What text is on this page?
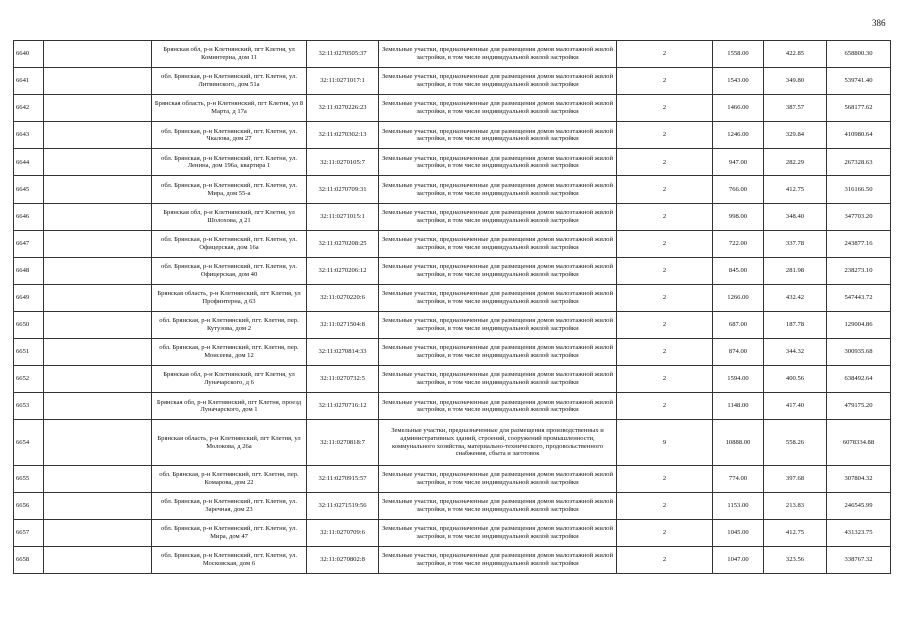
386
6640		Брянская обл, р-н Клетнянский, пгт Клетня, ул Коминтерна, дом 11	32:11:0270505:37	Земельные участки, предназначенные для размещения домов малоэтажной жилой застройки, в том числе индивидуальной жилой застройки	2	1558.00	422.85	658800.30
6641		обл. Брянская, р-н Клетнянский, пгт. Клетня, ул. Литвинского, дом 51а	32:11:0271017:1	Земельные участки, предназначенные для размещения домов малоэтажной жилой застройки, в том числе индивидуальной жилой застройки	2	1543.00	349.80	539741.40
6642		Брянская область, р-н Клетнянский, пгт Клетня, ул 8 Марта, д 17а	32:11:0270226:23	Земельные участки, предназначенные для размещения домов малоэтажной жилой застройки, в том числе индивидуальной жилой застройки	2	1466.00	387.57	568177.62
6643		обл. Брянская, р-н Клетнянский, пгт. Клетня, ул. Чкалова, дом 27	32:11:0270302:13	Земельные участки, предназначенные для размещения домов малоэтажной жилой застройки, в том числе индивидуальной жилой застройки	2	1246.00	329.84	410980.64
6644		обл. Брянская, р-н Клетнянский, пгт. Клетня, ул. Ленина, дом 196а, квартира 1	32:11:0270105:7	Земельные участки, предназначенные для размещения домов малоэтажной жилой застройки, в том числе индивидуальной жилой застройки	2	947.00	282.29	267328.63
6645		обл. Брянская, р-н Клетнянский, пгт. Клетня, ул. Мира, дом 55-а	32:11:0270709:31	Земельные участки, предназначенные для размещения домов малоэтажной жилой застройки, в том числе индивидуальной жилой застройки	2	766.00	412.75	316166.50
6646		Брянская обл, р-н Клетнянский, пгт Клетня, ул Шолохова, д 21	32:11:0271015:1	Земельные участки, предназначенные для размещения домов малоэтажной жилой застройки, в том числе индивидуальной жилой застройки	2	998.00	348.40	347703.20
6647		обл. Брянская, р-н Клетнянский, пгт. Клетня, ул. Офицерская, дом 16а	32:11:0270208:25	Земельные участки, предназначенные для размещения домов малоэтажной жилой застройки, в том числе индивидуальной жилой застройки	2	722.00	337.78	243877.16
6648		обл. Брянская, р-н Клетнянский, пгт. Клетня, ул. Офицерская, дом 40	32:11:0270206:12	Земельные участки, предназначенные для размещения домов малоэтажной жилой застройки, в том числе индивидуальной жилой застройки	2	845.00	281.98	238273.10
6649		Брянская область, р-н Клетнянский, пгт Клетня, ул Профинтерна, д 63	32:11:0270220:6	Земельные участки, предназначенные для размещения домов малоэтажной жилой застройки, в том числе индивидуальной жилой застройки	2	1266.00	432.42	547443.72
6650		обл. Брянская, р-н Клетнянский, пгт. Клетня, пер. Кутузова, дом 2	32:11:0271504:8	Земельные участки, предназначенные для размещения домов малоэтажной жилой застройки, в том числе индивидуальной жилой застройки	2	687.00	187.78	129004.86
6651		обл. Брянская, р-н Клетнянский, пгт. Клетня, пер. Моисеева, дом 12	32:11:0270814:33	Земельные участки, предназначенные для размещения домов малоэтажной жилой застройки, в том числе индивидуальной жилой застройки	2	874.00	344.32	300935.68
6652		Брянская обл, р-н Клетнянский, пгт Клетня, ул Луначарского, д 6	32:11:0270732:5	Земельные участки, предназначенные для размещения домов малоэтажной жилой застройки, в том числе индивидуальной жилой застройки	2	1594.00	400.56	638492.64
6653		Брянская обл, р-н Клетнянский, пгт Клетня, проезд Луначарского, дом 1	32:11:0270716:12	Земельные участки, предназначенные для размещения домов малоэтажной жилой застройки, в том числе индивидуальной жилой застройки	2	1148.00	417.40	479175.20
6654		Брянская область, р-н Клетнянский, пгт Клетня, ул Молокова, д 26а	32:11:0270818:7	Земельные участки, предназначенные для размещения производственных и административных зданий, строений, сооружений промышленности, коммунального хозяйства, материально-технического, продовольственного снабжения, сбыта и заготовок	9	10888.00	558.26	6078334.88
6655		обл. Брянская, р-н Клетнянский, пгт. Клетня, пер. Комарова, дом 22	32:11:0270915:57	Земельные участки, предназначенные для размещения домов малоэтажной жилой застройки, в том числе индивидуальной жилой застройки	2	774.00	397.68	307804.32
6656		обл. Брянская, р-н Клетнянский, пгт. Клетня, ул. Заречная, дом 23	32:11:0271519:56	Земельные участки, предназначенные для размещения домов малоэтажной жилой застройки, в том числе индивидуальной жилой застройки	2	1153.00	213.83	246545.99
6657		обл. Брянская, р-н Клетнянский, пгт. Клетня, ул. Мира, дом 47	32:11:0270709:6	Земельные участки, предназначенные для размещения домов малоэтажной жилой застройки, в том числе индивидуальной жилой застройки	2	1045.00	412.75	431323.75
6658		обл. Брянская, р-н Клетнянский, пгт. Клетня, ул. Московская, дом 6	32:11:0270802:8	Земельные участки, предназначенные для размещения домов малоэтажной жилой застройки, в том числе индивидуальной жилой застройки	2	1047.00	323.56	338767.32
